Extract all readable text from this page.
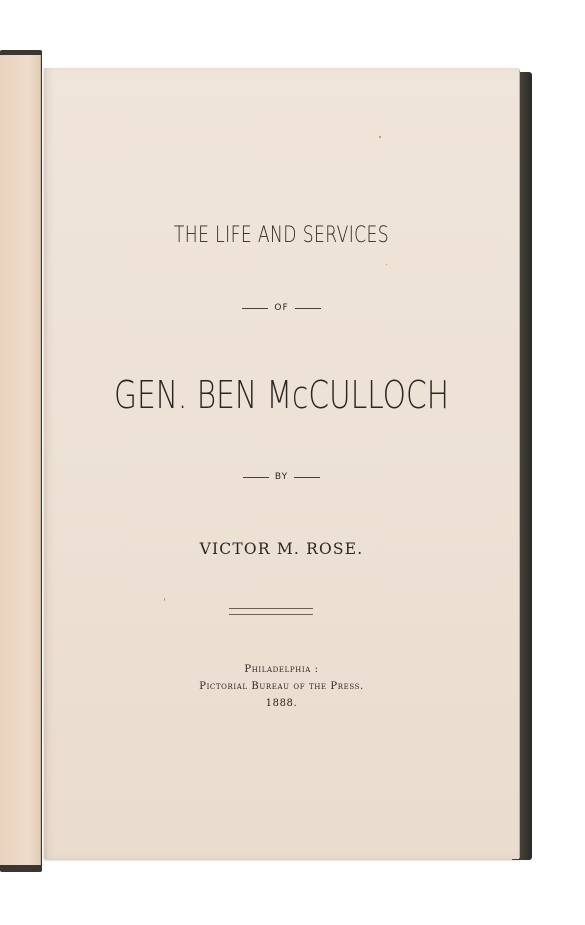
THE LIFE AND SERVICES
OF
GEN. BEN McCULLOCH
BY
VICTOR M. ROSE.
Philadelphia :
Pictorial Bureau of the Press.
1888.
